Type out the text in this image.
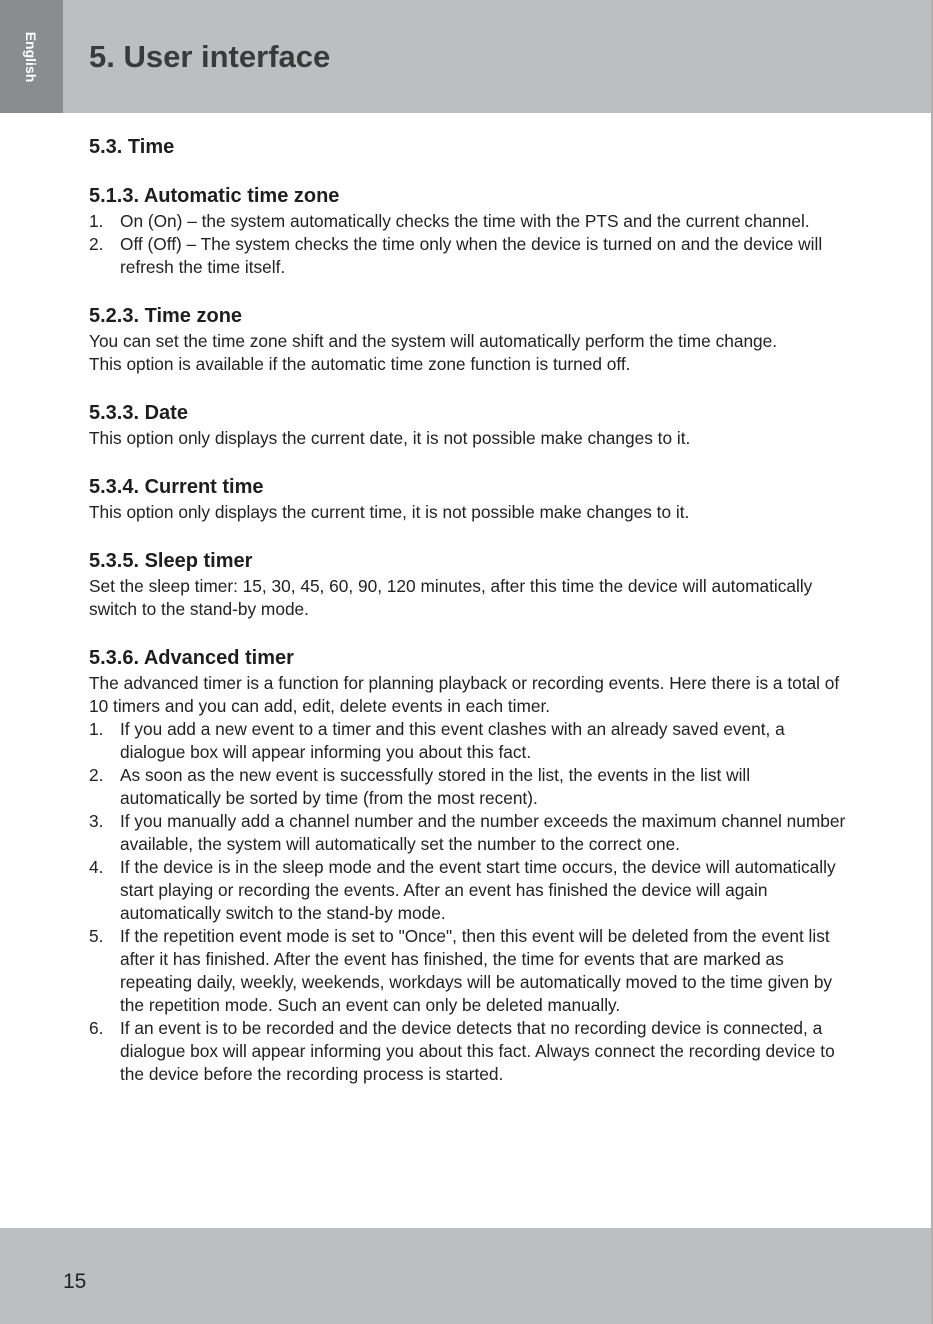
English 5. User interface
5.3. Time
5.1.3. Automatic time zone
1. On (On) – the system automatically checks the time with the PTS and the current channel.
2. Off (Off) – The system checks the time only when the device is turned on and the device will refresh the time itself.
5.2.3. Time zone

You can set the time zone shift and the system will automatically perform the time change.

This option is available if the automatic time zone function is turned off.

5.3.3. Date

This option only displays the current date, it is not possible make changes to it.

5.3.4. Current time

This option only displays the current time, it is not possible make changes to it.

5.3.5. Sleep timer

Set the sleep timer: 15, 30, 45, 60, 90, 120 minutes, after this time the device will automatically switch to the stand-by mode.

5.3.6. Advanced timer

The advanced timer is a function for planning playback or recording events. Here there is a total of 10 timers and you can add, edit, delete events in each timer.

1. If you add a new event to a timer and this event clashes with an already saved event, a dialogue box will appear informing you about this fact.
2. As soon as the new event is successfully stored in the list, the events in the list will automatically be sorted by time (from the most recent).
3. If you manually add a channel number and the number exceeds the maximum channel number available, the system will automatically set the number to the correct one.
4. If the device is in the sleep mode and the event start time occurs, the device will automatically start playing or recording the events. After an event has finished the device will again automatically switch to the stand-by mode.
5. If the repetition event mode is set to "Once", then this event will be deleted from the event list after it has finished. After the event has finished, the time for events that are marked as repeating daily, weekly, weekends, workdays will be automatically moved to the time given by the repetition mode. Such an event can only be deleted manually.
6. If an event is to be recorded and the device detects that no recording device is connected, a dialogue box will appear informing you about this fact. Always connect the recording device to the device before the recording process is started.
15
